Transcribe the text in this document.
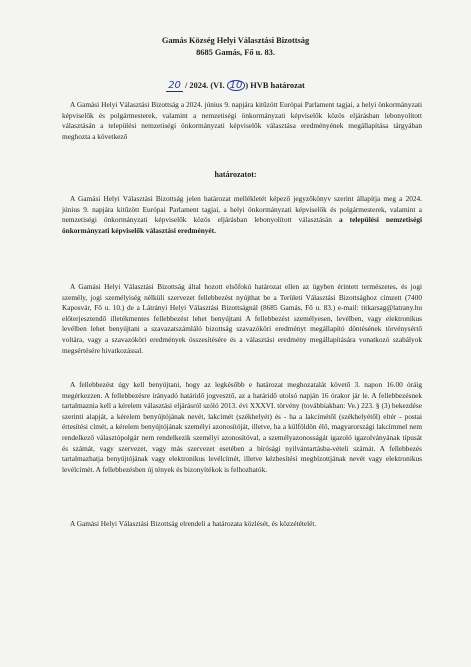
Gamás Község Helyi Választási Bizottság
8685 Gamás, Fő u. 83.
20 / 2024. (VI. 10 ) HVB határozat

A Gamási Helyi Választási Bizottság a 2024. június 9. napjára kitűzött Európai Parlament tagjai, a helyi önkormányzati képviselők és polgármesterek, valamint a nemzetiségi önkormányzati képviselők közös eljárásban lebonyolított választásán a települési nemzetiségi önkormányzati képviselők választása eredményének megállapítása tárgyában meghozta a következő

határozatot:

A Gamási Helyi Választási Bizottság jelen határozat mellékletét képező jegyzőkönyv szerint állapítja meg a 2024. június 9. napjára kitűzött Európai Parlament tagjai, a helyi önkormányzati képviselők és polgármesterek, valamint a nemzetiségi önkormányzati képviselők közös eljárásban lebonyolított választásán a települési nemzetiségi önkormányzati képviselők választási eredményét.

A Gamási Helyi Választási Bizottság által hozott elsőfokú határozat ellen az ügyben érintett természetes, és jogi személy, jogi személyiség nélküli szervezet fellebbezést nyújthat be a Területi Választási Bizottsághoz címzett (7400 Kaposvár, Fő u. 10.) de a Látrányi Helyi Választási Bizottságnál (8685 Gamás, Fő u. 83.) e-mail: titkarsag@latrany.hu előterjesztendő illetékmentes fellebbezést lehet benyújtani A fellebbezést személyesen, levélben, vagy elektronikus levélben lehet benyújtani a szavazatszámláló bizottság szavazóköri eredményt megállapító döntésének törvénysértő voltára, vagy a szavazóköri eredmények összesítésére és a választási eredmény megállapítására vonatkozó szabályok megsértésére hivatkozással.

A fellebbezést úgy kell benyújtani, hogy az legkésőbb e határozat meghozatalát követő 3. napon 16.00 óráig megérkezzen. A fellebbezésre irányadó határidő jogvesztő, az a határidő utolsó napján 16 órakor jár le. A fellebbezésnek tartalmaznia kell a kérelem választási eljárásról szóló 2013. évi XXXVI. törvény (továbbiakban: Ve.) 223. § (3) bekezdése szerinti alapját, a kérelem benyújtójának nevét, lakcímét (székhelyét) és - ha a lakcímétől (székhelyétől) eltér - postai értesítési címét, a kérelem benyújtójának személyi azonosítóját, illetve, ha a külföldön élő, magyarországi lakcímmel nem rendelkező választópolgár nem rendelkezik személyi azonosítóval, a személyazonosságát igazoló igazolványának típusát és számát, vagy szervezet, vagy más szervezet esetében a bírósági nyilvántartásba-vételi számát. A fellebbezés tartalmazhatja benyújtójának vagy elektronikus levélcímét, illetve kézbesítési megbízottjának nevét vagy elektronikus levélcímét. A fellebbezésben új tények és bizonyítékok is felhozhatók.

A Gamási Helyi Választási Bizottság elrendeli a határozata közlését, és közzétételét.
